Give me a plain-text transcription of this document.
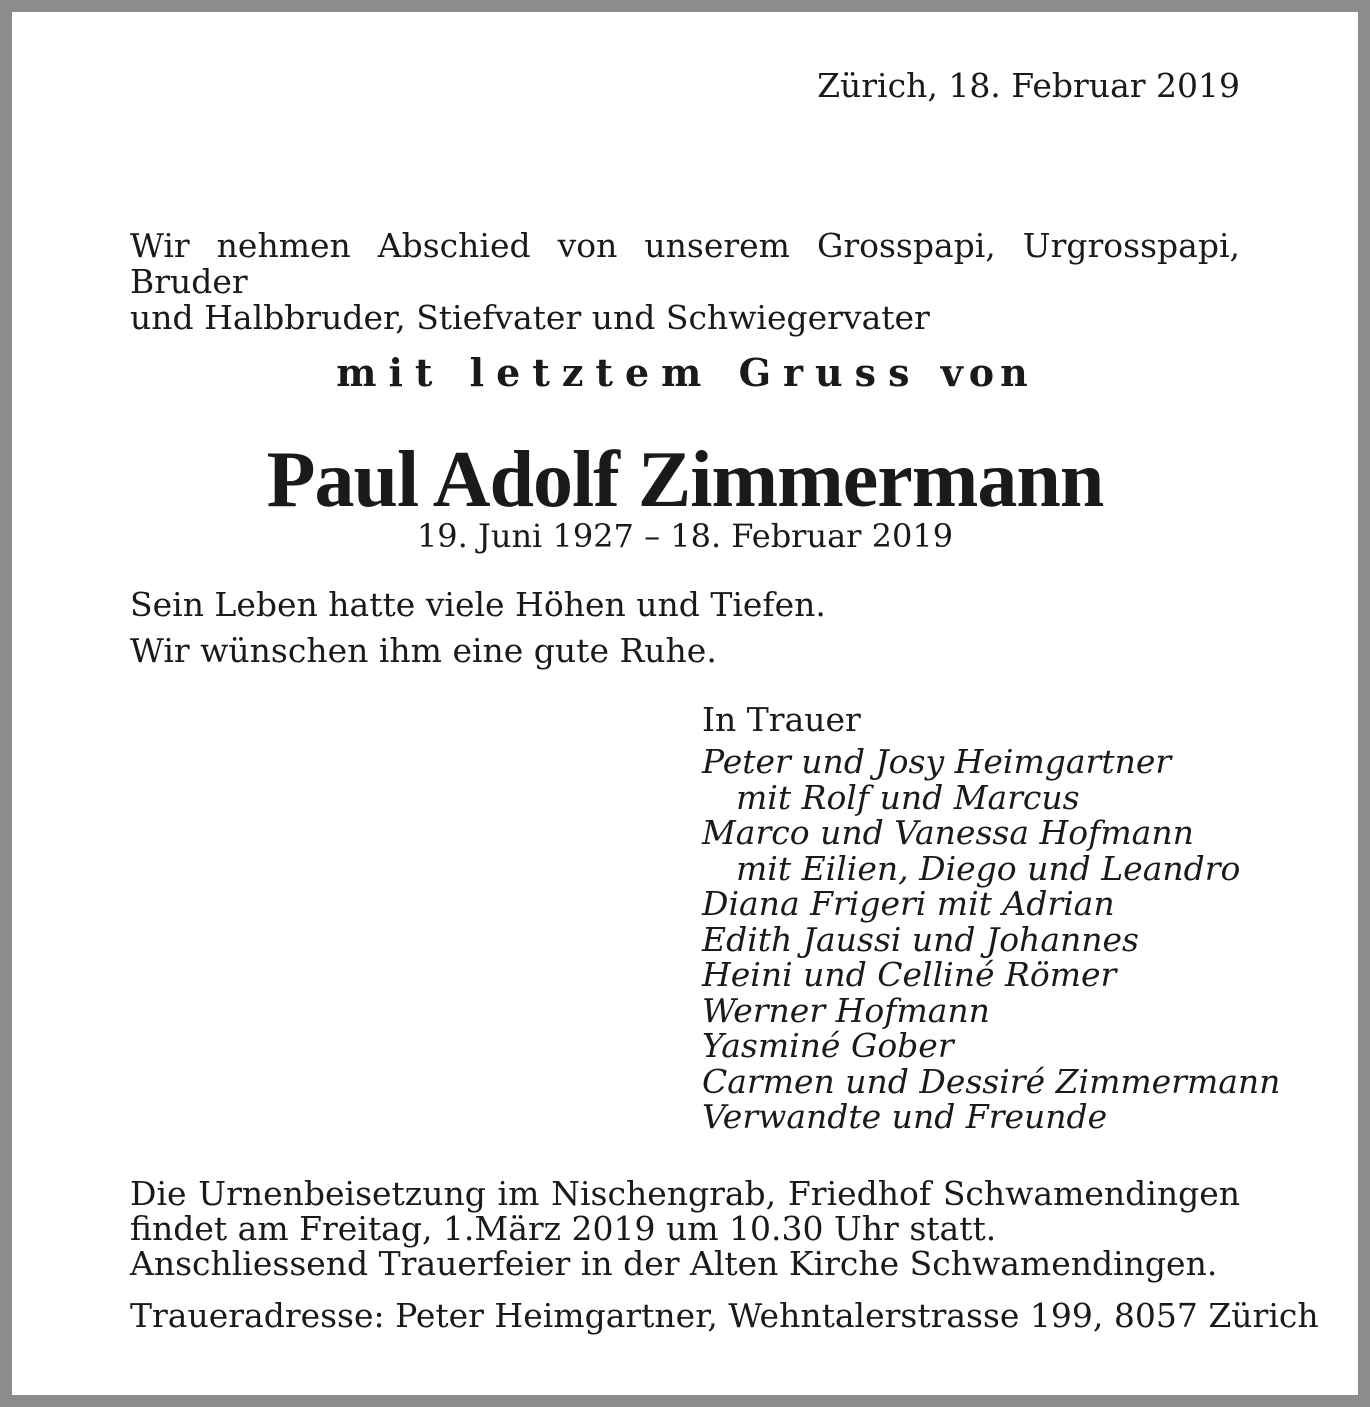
Zürich, 18. Februar 2019
Wir nehmen Abschied von unserem Grosspapi, Urgrosspapi, Bruder
und Halbbruder, Stiefvater und Schwiegervater
mit letztem Gruss von
Paul Adolf Zimmermann
19. Juni 1927 – 18. Februar 2019
Sein Leben hatte viele Höhen und Tiefen.
Wir wünschen ihm eine gute Ruhe.
In Trauer
Peter und Josy Heimgartner
mit Rolf und Marcus
Marco und Vanessa Hofmann
mit Eilien, Diego und Leandro
Diana Frigeri mit Adrian
Edith Jaussi und Johannes
Heini und Celliné Römer
Werner Hofmann
Yasminé Gober
Carmen und Dessiré Zimmermann
Verwandte und Freunde
Die Urnenbeisetzung im Nischengrab, Friedhof Schwamendingen
findet am Freitag, 1.März 2019 um 10.30 Uhr statt.
Anschliessend Trauerfeier in der Alten Kirche Schwamendingen.
Traueradresse: Peter Heimgartner, Wehntalerstrasse 199, 8057 Zürich
